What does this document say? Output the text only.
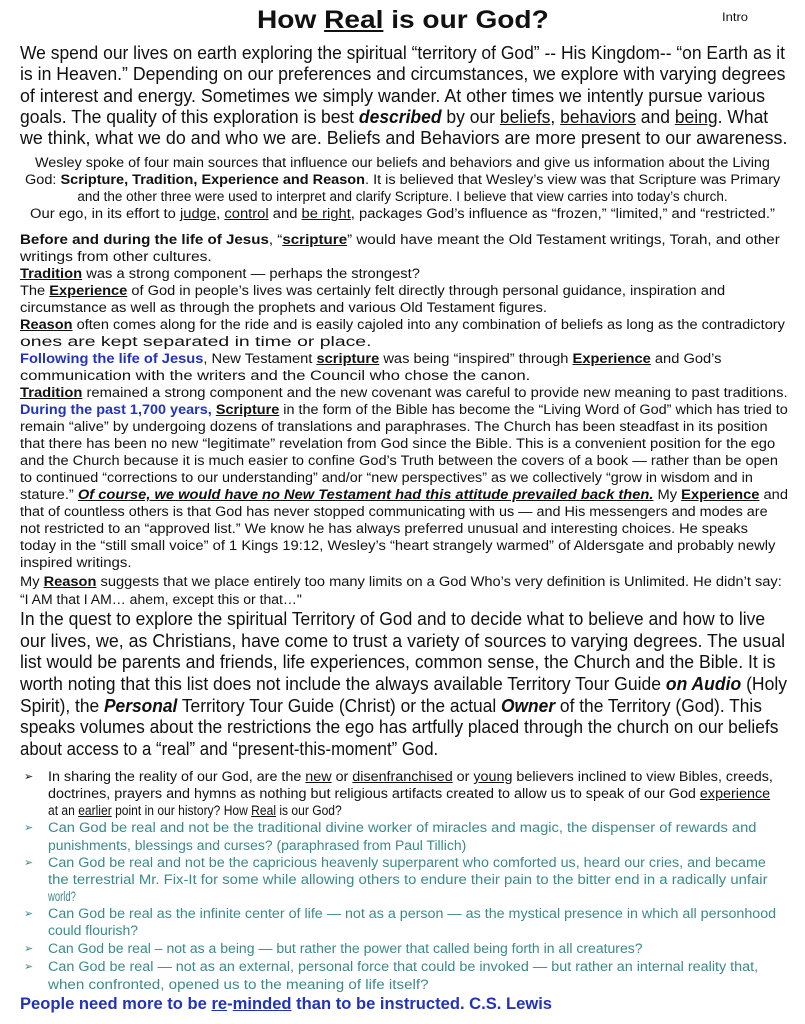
How Real is our God?	Intro
We spend our lives on earth exploring the spiritual “territory of God” -- His Kingdom-- “on Earth as it
is in Heaven.” Depending on our preferences and circumstances, we explore with varying degrees
of interest and energy. Sometimes we simply wander. At other times we intently pursue various
goals. The quality of this exploration is best described by our beliefs, behaviors and being. What
we think, what we do and who we are. Beliefs and Behaviors are more present to our awareness.
Wesley spoke of four main sources that influence our beliefs and behaviors and give us information about the Living
God: Scripture, Tradition, Experience and Reason. It is believed that Wesley’s view was that Scripture was Primary
and the other three were used to interpret and clarify Scripture. I believe that view carries into today’s church.
Our ego, in its effort to judge, control and be right, packages God’s influence as “frozen,” “limited,” and “restricted.”
Before and during the life of Jesus, “scripture” would have meant the Old Testament writings, Torah, and other
writings from other cultures.
Tradition was a strong component — perhaps the strongest?
The Experience of God in people’s lives was certainly felt directly through personal guidance, inspiration and
circumstance as well as through the prophets and various Old Testament figures.
Reason often comes along for the ride and is easily cajoled into any combination of beliefs as long as the contradictory
ones are kept separated in time or place.
Following the life of Jesus, New Testament scripture was being “inspired” through Experience and God’s
communication with the writers and the Council who chose the canon.
Tradition remained a strong component and the new covenant was careful to provide new meaning to past traditions.
During the past 1,700 years, Scripture in the form of the Bible has become the “Living Word of God” which has tried to
remain “alive” by undergoing dozens of translations and paraphrases. The Church has been steadfast in its position
that there has been no new “legitimate” revelation from God since the Bible. This is a convenient position for the ego
and the Church because it is much easier to confine God’s Truth between the covers of a book — rather than be open
to continued “corrections to our understanding” and/or “new perspectives” as we collectively “grow in wisdom and in
stature.” Of course, we would have no New Testament had this attitude prevailed back then. My Experience and
that of countless others is that God has never stopped communicating with us — and His messengers and modes are
not restricted to an “approved list.” We know he has always preferred unusual and interesting choices. He speaks
today in the “still small voice” of 1 Kings 19:12, Wesley’s “heart strangely warmed” of Aldersgate and probably newly
inspired writings.
My Reason suggests that we place entirely too many limits on a God Who’s very definition is Unlimited. He didn’t say:
“I AM that I AM… ahem, except this or that…"
In the quest to explore the spiritual Territory of God and to decide what to believe and how to live
our lives, we, as Christians, have come to trust a variety of sources to varying degrees. The usual
list would be parents and friends, life experiences, common sense, the Church and the Bible. It is
worth noting that this list does not include the always available Territory Tour Guide on Audio (Holy
Spirit), the Personal Territory Tour Guide (Christ) or the actual Owner of the Territory (God). This
speaks volumes about the restrictions the ego has artfully placed through the church on our beliefs
about access to a “real” and “present-this-moment” God.
➢ In sharing the reality of our God, are the new or disenfranchised or young believers inclined to view Bibles, creeds,
doctrines, prayers and hymns as nothing but religious artifacts created to allow us to speak of our God experience
at an earlier point in our history? How Real is our God?
➢ Can God be real and not be the traditional divine worker of miracles and magic, the dispenser of rewards and
punishments, blessings and curses? (paraphrased from Paul Tillich)
➢ Can God be real and not be the capricious heavenly superparent who comforted us, heard our cries, and became
the terrestrial Mr. Fix-It for some while allowing others to endure their pain to the bitter end in a radically unfair
world?
➢ Can God be real as the infinite center of life — not as a person — as the mystical presence in which all personhood
could flourish?
➢ Can God be real – not as a being — but rather the power that called being forth in all creatures?
➢ Can God be real — not as an external, personal force that could be invoked — but rather an internal reality that,
when confronted, opened us to the meaning of life itself?
People need more to be re-minded than to be instructed. C.S. Lewis
